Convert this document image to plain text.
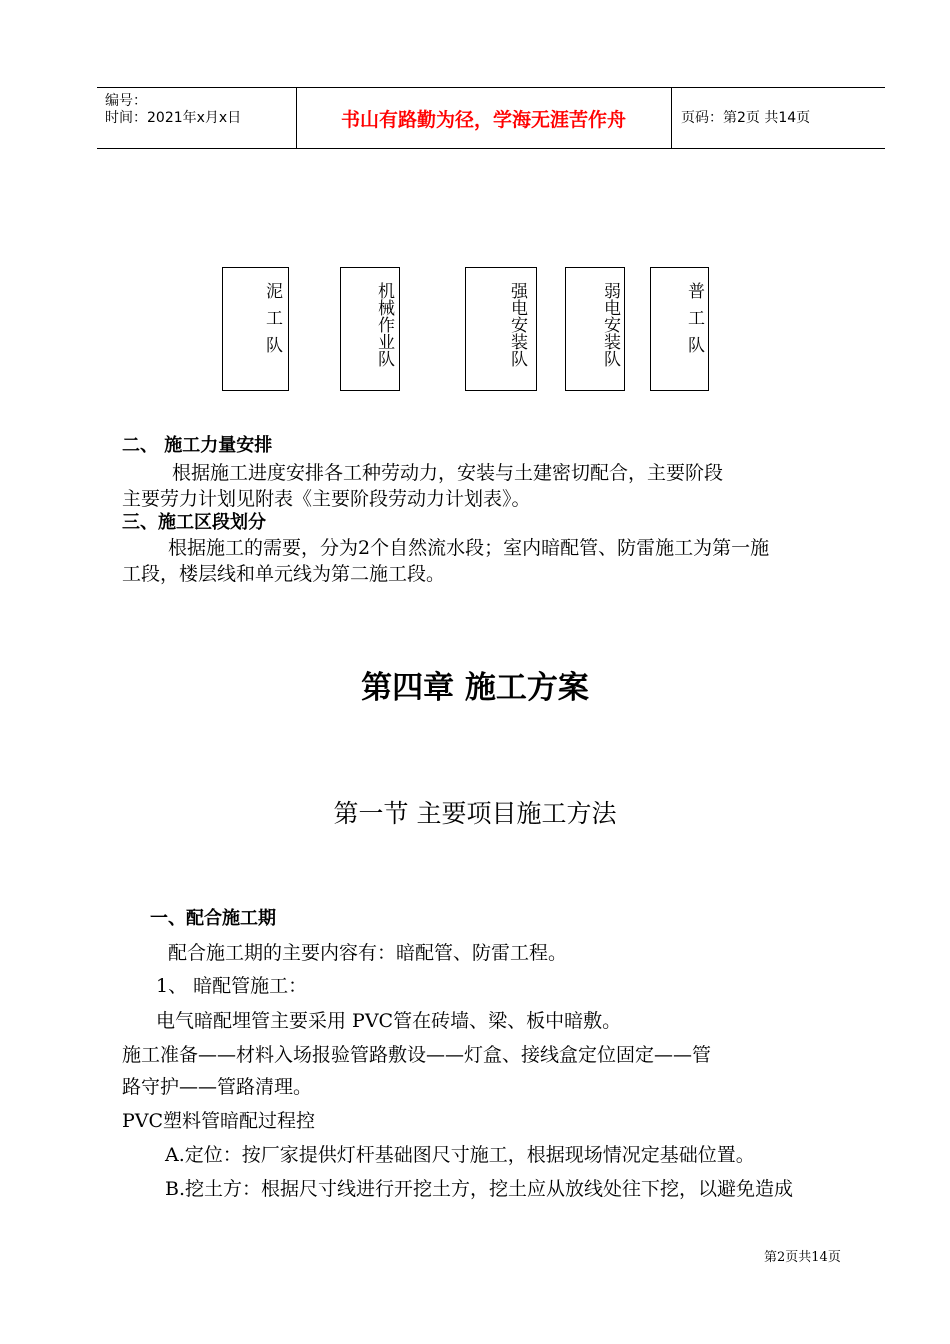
编号：
时间：2021年x月x日	书山有路勤为径，学海无涯苦作舟	页码：第2页 共14页
泥工队	机械作业队	强电安装队	弱电安装队	普工队
二、 施工力量安排
根据施工进度安排各工种劳动力，安装与土建密切配合，主要阶段
主要劳力计划见附表《主要阶段劳动力计划表》。
三、施工区段划分
根据施工的需要，分为2个自然流水段；室内暗配管、防雷施工为第一施
工段，楼层线和单元线为第二施工段。
第四章 施工方案
第一节 主要项目施工方法
一、配合施工期
配合施工期的主要内容有：暗配管、防雷工程。
1、 暗配管施工：
电气暗配埋管主要采用 PVC管在砖墙、梁、板中暗敷。
施工准备——材料入场报验管路敷设——灯盒、接线盒定位固定——管
路守护——管路清理。
PVC塑料管暗配过程控
A.定位：按厂家提供灯杆基础图尺寸施工，根据现场情况定基础位置。
B.挖土方：根据尺寸线进行开挖土方，挖土应从放线处往下挖，以避免造成
第2页共14页
